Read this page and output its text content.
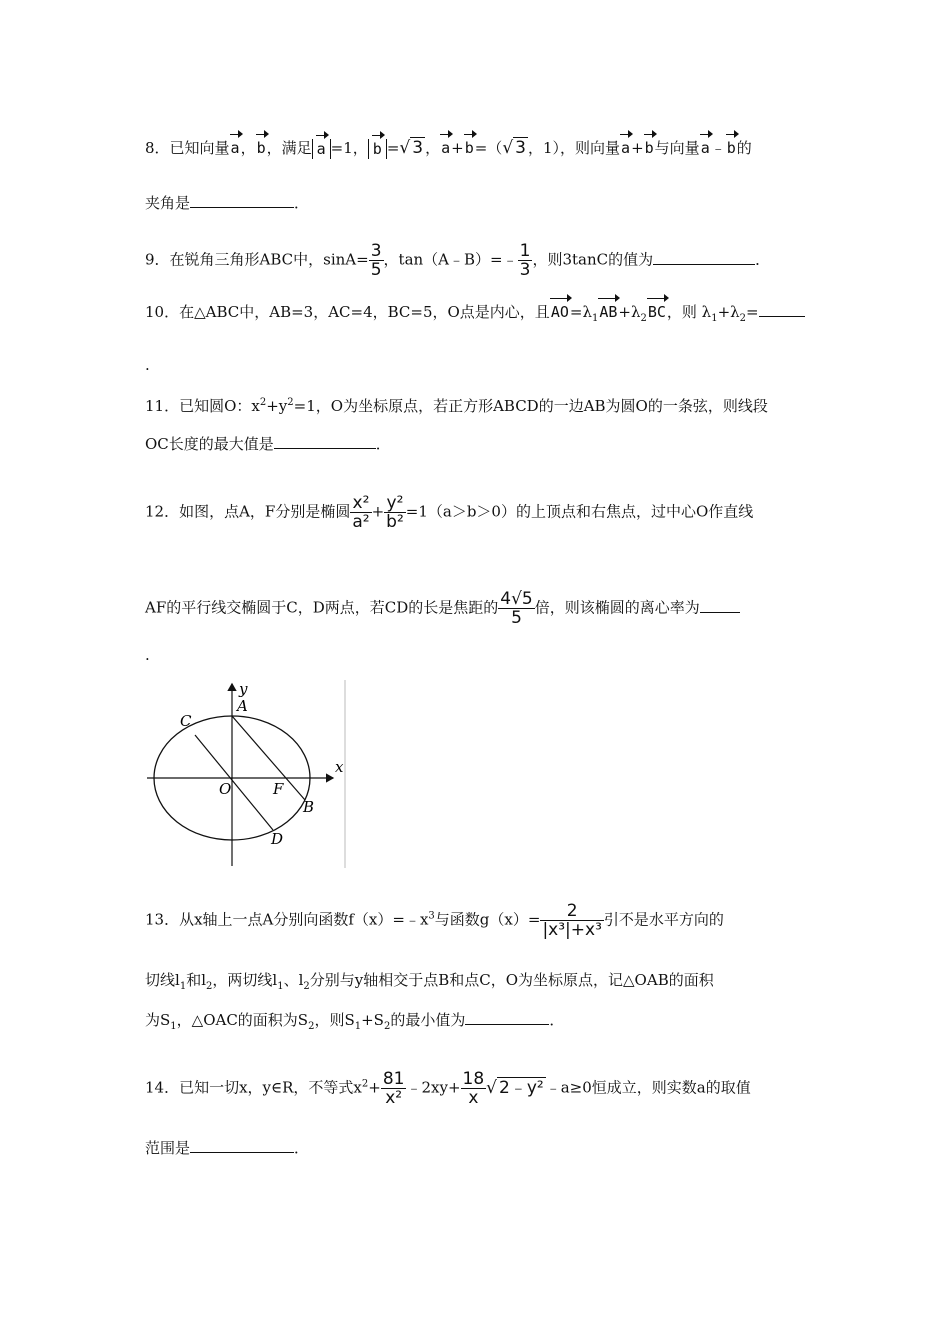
8．已知向量a，b，满足 a =1， b =√ 3 ，a+b=（√ 3 ，1），则向量a+b与向量a﹣b的
夹角是	．
9．在锐角三角形ABC中，$\sin A= \frac{3}{5}$ ，tan（A﹣B）=﹣ $\frac{1}{3}$ ，则3tanC的值为	．
10．在△ABC中，AB=3，AC=4，BC=5，O点是内心，且$AO=\lambda_1AB+\lambda_2BC$，则 $\lambda_1+\lambda_2=$
.
11．已知圆O：$x^2+y^2=1$，O为坐标原点，若正方形ABCD的一边AB为圆O的一条弦，则线段
OC长度的最大值是	．
12．如图，点A，F分别是椭圆 $\frac{\text{x²}}{\text{a²}} + \frac{\text{y²}}{\text{b²}} =1(a>b>0)$的上顶点和右焦点，过中心O作直线
AF的平行线交椭圆于C，D两点，若CD的长是焦距的 $\frac{4√5}{5}$ 倍，则该椭圆的离心率为
.
y
x
A
C
O	F
B
D
13．从x轴上一点A分别向函数$f(x)=﹣x^3$与函数$g(x)= \frac{2}{\text{|x³|+x³}}$ 引不是水平方向的
切线$l_1$和$l_2$，两切线$l_1$、$l_2$分别与y轴相交于点B和点C，O为坐标原点，记△OAB的面积
为$S_1$，△OAC的面积为$S_2$，则$S_1+S_2$的最小值为	．
14．已知一切x，y∈R，不等式$x^2+ \frac{81}{\text{x²}}$ ﹣2xy+ $\frac{18}{x}$ √ 2﹣y² ﹣a≥0恒成立，则实数a的取值
范围是	．
